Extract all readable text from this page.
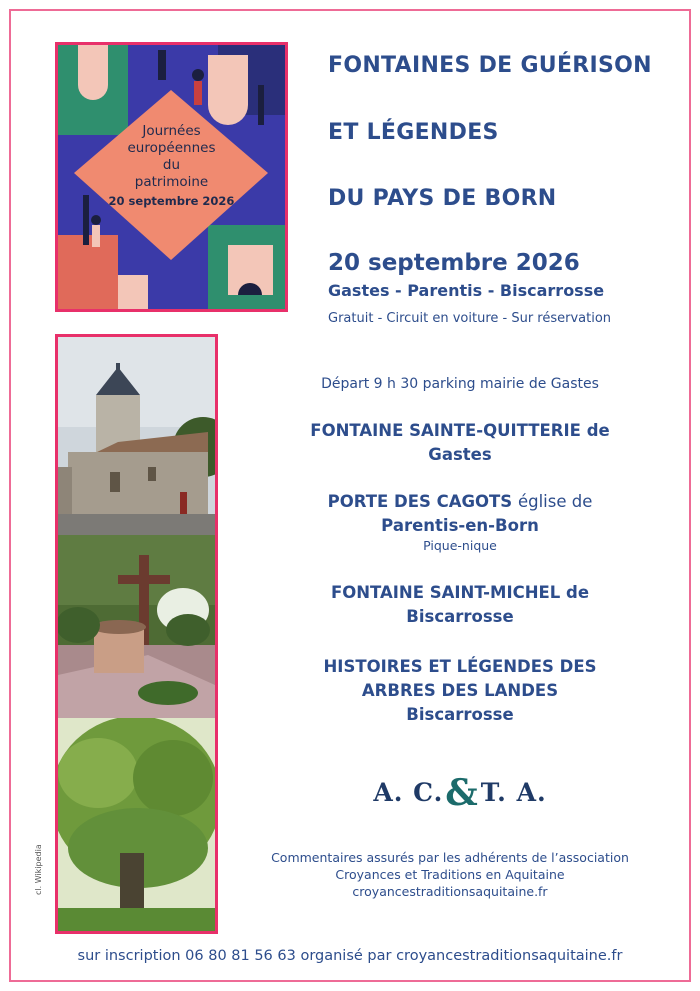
Journées
européennes
du
patrimoine
20 septembre 2026
cl. Wikipedia
FONTAINES DE GUÉRISON
ET LÉGENDES
DU PAYS DE BORN
20 septembre 2026
Gastes - Parentis - Biscarrosse
Gratuit - Circuit en voiture - Sur réservation
Départ 9 h 30 parking mairie de Gastes
FONTAINE SAINTE-QUITTERIE de
Gastes
PORTE DES CAGOTS église de
Parentis-en-Born
Pique-nique
FONTAINE SAINT-MICHEL de
Biscarrosse
HISTOIRES ET LÉGENDES DES
ARBRES DES LANDES
Biscarrosse
A. C.&T. A.
Commentaires assurés par les adhérents de l’association
Croyances et Traditions en Aquitaine
croyancestraditionsaquitaine.fr
sur inscription 06 80 81 56 63 organisé par croyancestraditionsaquitaine.fr
